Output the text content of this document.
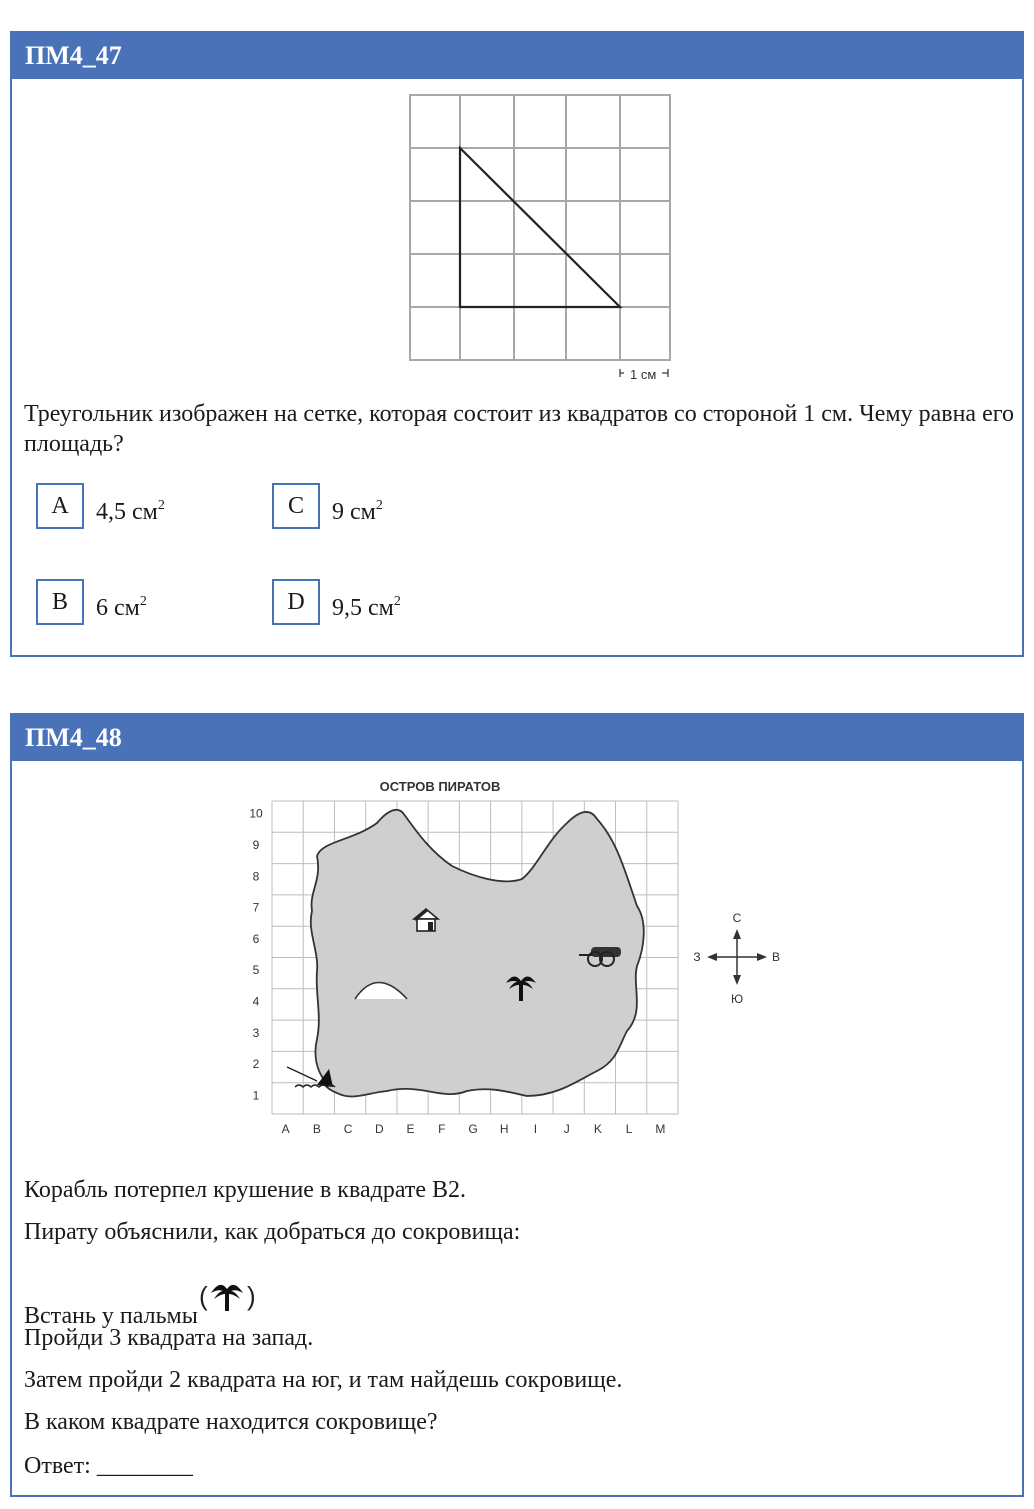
ПМ4_47
1 см
Треугольник изображен на сетке, которая состоит из квадратов со стороной 1 см. Чему равна его площадь?
A	4,5 $см^2$	C	9 $см^2$
B	6 $см^2$	D	9,5 $см^2$
ПМ4_48
ОСТРОВ ПИРАТОВ
A B C D E F G H I J K L M
1
2
3
4
5
6
7
8
9
10
С
Ю
З	В
Корабль потерпел крушение в квадрате B2.
Пирату объяснили, как добраться до сокровища:
Встань у пальмы
( )
Пройди 3 квадрата на запад.
Затем пройди 2 квадрата на юг, и там найдешь сокровище.
В каком квадрате находится сокровище?
Ответ: ________
